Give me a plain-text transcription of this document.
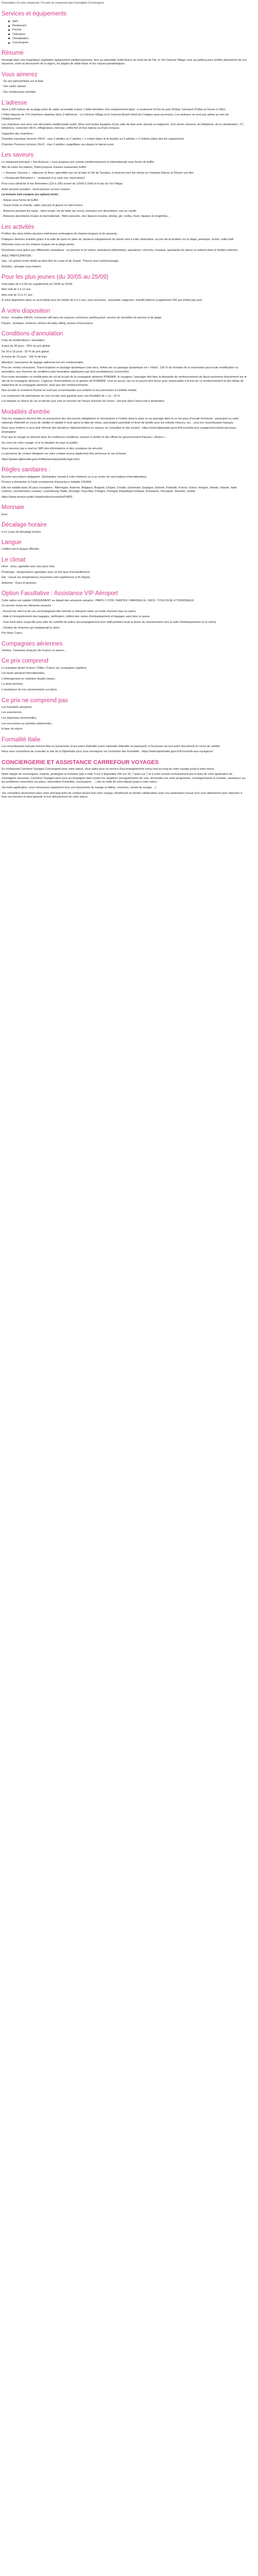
Description Ce prix comprend / Ce prix ne comprend pas Formalités Conciergerie

Services et équipements
WiFi
Restaurant
Piscine
Télévision
Climatisation
Conciergerie
Résumé

Immergé dans une magnifique végétation typiquement méditerranéenne, face au splendide Golfe Aranci au nord-est de l'île, le Voi Colonna Village vous accueillera pour profiter pleinement de vos vacances, entre la découverte de la région, les plages de sable blanc et les criques paradisiaques.

Vous aimerez

- Sa vue panoramique sur la baie

- Son cadre naturel

- Ses nombreuses activités

L'adresse

Situé à 200 mètres de sa plage privé de sable accessible à pied. L'hôtel bénéficie d'un emplacement idéal : à seulement 10 km du port d'Olbia, l'aéroport d'Olbia se trouve à 15km.

L'hôtel dispose de 274 chambres réparties dans 2 bâtiments : Le Colonna Village et le Colonna Beach Hotel de 2 étages sans ascenseur. Les animaux ne sont pas admis au sein de l'établissement.

Les chambres sont avec une décoration traditionnelle sarde. Elles sont toutes équipées d'une salle de bain avec douche ou baignoire, d'un sèche-cheveux, du téléphone, de la climatisation, TV, téléphone, connexion Wi-Fi, réfrigérateur, mini-bar, coffre-fort et d'un balcon ou d'une terrasse.

Capacités des chambres :

Chambre classique (environ 20m²) : max 3 adultes ou 2 adultes + 1 enfant (dans le lit double) ou 2 adultes + 2 enfants (dans des lits superposés)

Chambre Premium (environ 26m²) : max 3 adultes, magnifique vue depuis le balcon privé.

Les saveurs

Le restaurant principal « Sos Aranzos » vous propose une cuisine méditerranéenne et internationale sous forme de buffet.

Afin de varier les plaisirs, l'hôtel propose d'autres restaurants buffet :

- « Terrazze Toscane » : déjeuner et dîner, splendide vue sur la baie et l'île de Tavolara, à réserver pour les clients en chambre Deluxe et Deluxe vue Mer

- « Restaurant Belvedere » : restaurant à la carte (sur réservation)

Pour vous rafraîchir le bar Belvedere (11h à 23h) ouvert de 11h00 à 1h00 et le bar du Voi Village.

Autre pension possible : demi-pension ou tout compris

La formule tout compris (en option) inclut :

- Repas sous forme de buffet

- Snack froids et chauds, cafés, biscuits et glaces en self-service

- Boissons pendant les repas : bière locale, vin de table (au verre), boissons non alcoolisées, eau en carafe.

- Boissons alcoolisées locales & internationals : Bière pression, vins liqueurs locales, whisky, gin, vodka, rhum, liqueurs & longdrinks…

Les activités

Profitez des deux belles piscines extérieures aménagées de chaises longues et de parasols.

Pratiquez diverses activités grâce à la salle de sport en plein air, plusieurs équipements de sports sont à votre disposition, au prix de la location sur la plage, pétanque, tennis, volley-ball.

Détendez-vous sur les chaises longues de la plage privée.

Divertissez-vous grâce aux différentes animations : en journée et en soirée, animations (débutants), spectacles, concerts, musique, spectacles de danse et cabaret dans le théâtre extérieur.

AVEC PARTICIPATION :

Spa : Un grand centre dédié au bien-être du corps et de l'esprit : Piscine avec hydromassage.

Activités : plongée sous-marine.

Pour les plus jeunes (du 30/05 au 25/09)

Voisi baby de 0-2,99 (en supplément) du 15/05 au 25/09

Mini club de 3 à 12 ans

Ado-club de 13 à 17 ans

À votre disposition dans un local dédié pour les bébés de 0 à 2 ans, vous trouverez : poussette, baignoire, chauffe-biberon (supplément 25€ par enfant par jour).

À votre disposition

Inclus : réception 24h/24, connexion wifi dans les espaces communs, parking privé, service de serviettes de piscine et de plage.

Payant : boutique, médecin, service de baby-sitting, bureau d'excursions.

Conditions d'annulation

Frais de modifications / annulation :

A plus de 30 jours : 35% du prix global

De 30 à 15 jours : 50 % du prix global

A moins de 15 jours : 100 % de frais

Attention, l'assurance de bagage optionnel est non remboursable.

Pour les ventes exclusives, Travel Explorer et package dynamique (vols secs, hôtels sec ou package dynamique vol + hôtel) : 100 % du montant de la réservation pour toute modification ou annulation, aux réserves de conditions plus favorables appliquées par le(s) prestataire(s) concerné(s).

Pour toute annulation ou modification de vol de la part de la compagnie aérienne RYANAIR, le voyageur / passager doit faire la demande de remboursement de façon autonome directement sur le site de la compagnie aérienne. L'agence, l'intermédiaire ou le gestion de RYANAIR, n'est en aucun cas ou ne pourra être tenue pour responsable à la fois de ce remboursement et des délais de traitement de la compagnie aérienne, ainsi que des remboursements.

Nos circuits et croisières Russie ne sont pas recommandés aux enfants et aux personnes à mobilité réduite.

Les maximums de participants sur nos circuits sont garantis avec une flexibilité de + ou - 10 %.

Les départs ou dîners du 1er et dernier jour sont en fonction de l'heure d'arrivée de l'avion : soit pris dans l'avion soit à destination.

Modalités d'entrée

Tous les voyageurs devront être en possession des documents obligatoires et nécessaires à l'entrée dans le pays ou au passage dans le ou les pays d'escale éventuels : passeport ou carte nationale d'identité en cours de validité et valable 6 mois après la date de retour, autorisation parentale et livret de famille pour les enfants mineurs, etc... pour les ressortissants français.

Nous vous invitons à vous tenir informé des dernières réglementations en vigueur en consultant le site suivant : https://www.diplomatie.gouv.fr/fr/conseils-aux-voyageurs/conseils-par-pays-destination/

Pour que le voyage se déroule dans les meilleures conditions, pensez à vérifier le site officiel du gouvernement français « Ariane » :

Au cours de votre voyage, et si la situation du pays le justifie :

Vous recevrez par e-mail ou SMS des informations et des consignes de sécurité,

La personne de contact désignée sur votre compte pourra également être prévenue le cas échéant.

https://pastel.diplomatie.gouv.fr/fildariane/dyn/public/login.html

Règles sanitaires :

Aucune vaccination obligatoire. (Demandez conseil à votre médecin ou à un centre de vaccinations internationales).

Pensez à demander la Carte européenne d'assurance maladie (CEAM).

Elle est valable dans 30 pays européens : Allemagne, Autriche, Belgique, Bulgarie, Chypre, Croatie, Danemark, Espagne, Estonie, Finlande, France, Grèce, Hongrie, Irlande, Islande, Italie, Lettonie, Liechtenstein, Lituanie, Luxembourg, Malte, Norvège, Pays-Bas, Pologne, Portugal, République tchèque, Roumanie, Slovaquie, Slovénie, Suède.

https://www.service-public.fr/particuliers/vosdroits/F4893

Monnaie

Euro

Décalage horaire

Il n'y a pas de décalage horaire

Langue

L'italien est la langue officielle.

Le climat

Hiver : doux, agréable avec des jours frais.

Printemps : températures agréables avec un fort taux d'ensoleillement.

Été : chaud, les températures moyennes sont supérieures à 30 degrés

Automne : Doux et pluvieux

Option Facultative : Assistance VIP Aéroport

Cette option est valable UNIQUEMENT au départ des aéroports suivants : PARIS / LYON / NANTES / MARSEILLE / NICE / TOULOUSE ET BORDEAUX

Ce service inclus les éléments suivants :

- Accueil du client et de son accompagnant dès l'arrivée à l'aéroport selon un mode d'arrivée (taxi ou autre)

- Aide à l'enregistrement des bagages, vérification, édition des cartes d'embarquement et bagages sans faire la queue

- Fast track dans coupe-file pour aller du contrôle de police (accompagnement d'un staff pendant toute la durée du cheminement vers la salle d'embarquement ou le salon)

- Gestion de l'imprévu qui impliquerait le client

Prix base 2 pers

Compagnies aériennes

Volotea, Transavia, EasyJet, Air France ou autres...

Ce prix comprend

Le transport aérien France / Olbia / France sur compagnie régulière,

Les taxes aéroport internationales,

L'hébergement en chambre double classic,

La demi-pension,

L'assistance de nos représentants sur place.

Ce prix ne comprend pas

Les transferts aéroports,

Les assurances,

Les dépenses personnelles,

Les excursions ou activités optionnelles,

la taxe de séjour.

Formalité Italie

Les ressortissants français doivent être en possession d'une pièce d'identité (carte nationale d'identité ou passeport, à l'exclusion de tout autre document) en cours de validité.

Nous vous conseillons de consulter le site de la Diplomatie pour vous renseigner sur l'évolution des formalités : https://www.diplomatie.gouv.fr/fr/conseils-aux-voyageurs/

CONCIERGERIE ET ASSISTANCE CARREFOUR VOYAGES

En choisissant Carrefour Voyages Conciergerie pour votre séjour, vous optez pour un service d'accompagnement conçu tout au long de votre voyage jusqu'à votre retour.

Notre équipe de conciergerie, experte, privilégiée et humaine (par e-mail, 5 sur 5 disponible 24h sur 24, 7 jours sur 7 et à votre écoute exclusivement par le biais de votre application de messagerie sécurisée, Carrefour Voyages peut vous accompagner dans toutes les situations (enregistrement de vols, demandes sur votre programme, renseignements & conseils, assistance sur les problèmes rencontrés sur place, réservation d'activités, conciergerie ... ) dès la veille de votre départ jusqu'à votre retour.

Via notre application, vous retrouverez également tous vos documents de voyage (e-billets, vouchers, carnet de voyage ...).

Vos conseillers deviennent alors votre principal point de contact durant tout votre voyage, bénéficiant en étroite collaboration avec nos partenaires locaux d'un suivi attentionné pour répondre à tous vos besoins et ainsi garantir le bon déroulement de votre séjour.
